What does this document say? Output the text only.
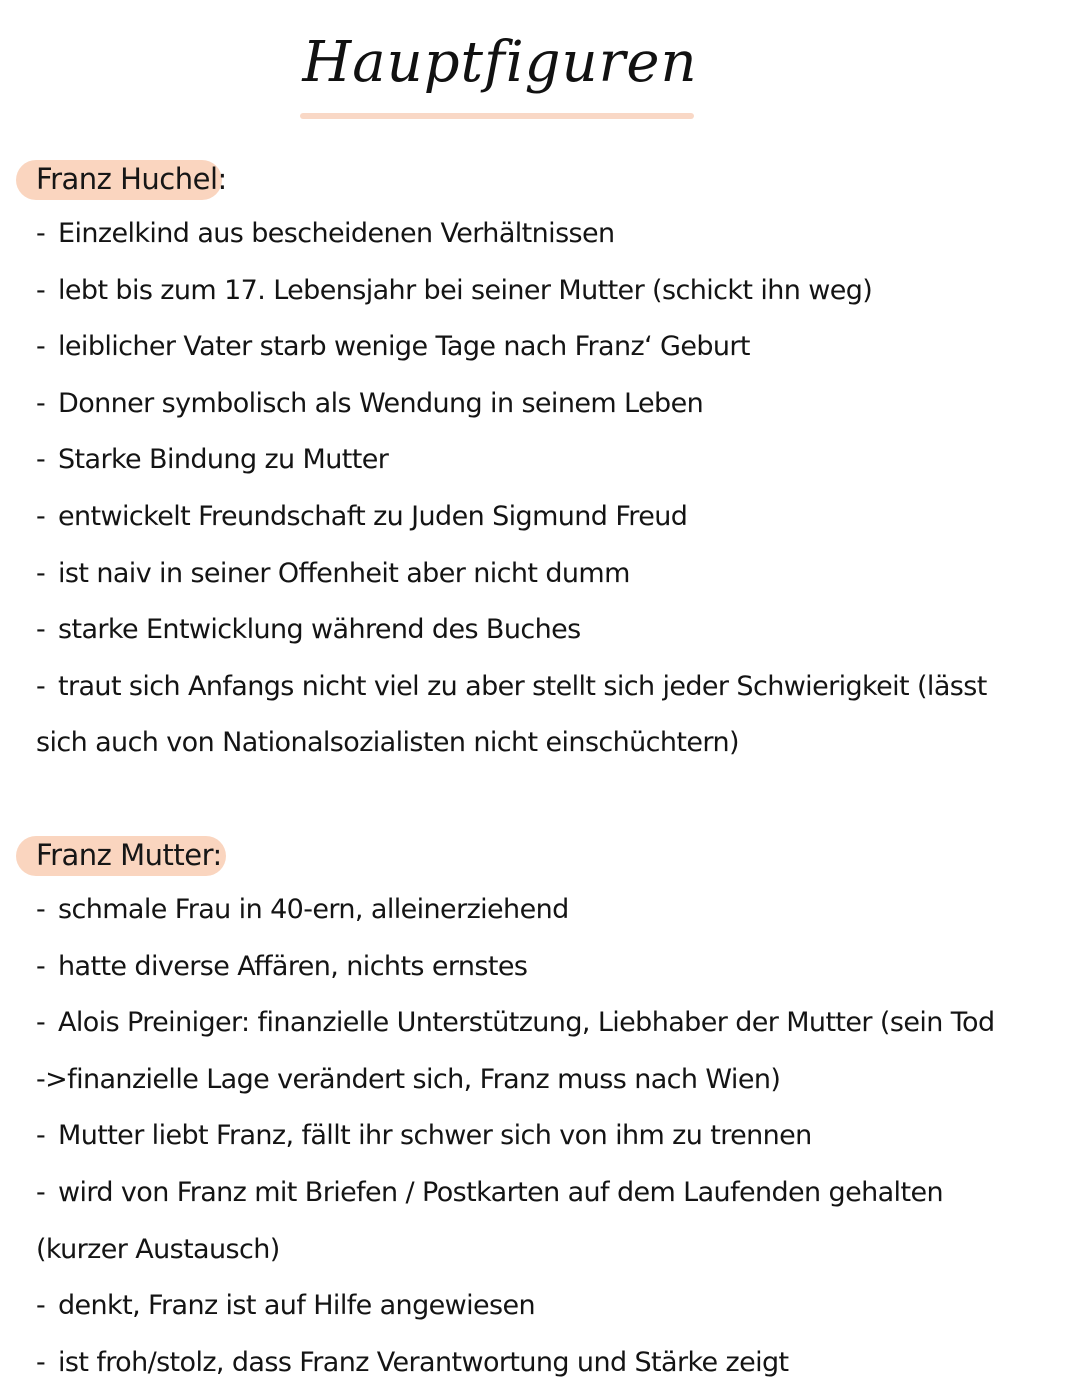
Hauptfiguren
Franz Huchel:
- Einzelkind aus bescheidenen Verhältnissen
- lebt bis zum 17. Lebensjahr bei seiner Mutter (schickt ihn weg)
- leiblicher Vater starb wenige Tage nach Franz‘ Geburt
- Donner symbolisch als Wendung in seinem Leben
- Starke Bindung zu Mutter
- entwickelt Freundschaft zu Juden Sigmund Freud
- ist naiv in seiner Offenheit aber nicht dumm
- starke Entwicklung während des Buches
- traut sich Anfangs nicht viel zu aber stellt sich jeder Schwierigkeit (lässt
sich auch von Nationalsozialisten nicht einschüchtern)
Franz Mutter:
- schmale Frau in 40-ern, alleinerziehend
- hatte diverse Affären, nichts ernstes
- Alois Preiniger: finanzielle Unterstützung, Liebhaber der Mutter (sein Tod
->finanzielle Lage verändert sich, Franz muss nach Wien)
- Mutter liebt Franz, fällt ihr schwer sich von ihm zu trennen
- wird von Franz mit Briefen / Postkarten auf dem Laufenden gehalten
(kurzer Austausch)
- denkt, Franz ist auf Hilfe angewiesen
- ist froh/stolz, dass Franz Verantwortung und Stärke zeigt
